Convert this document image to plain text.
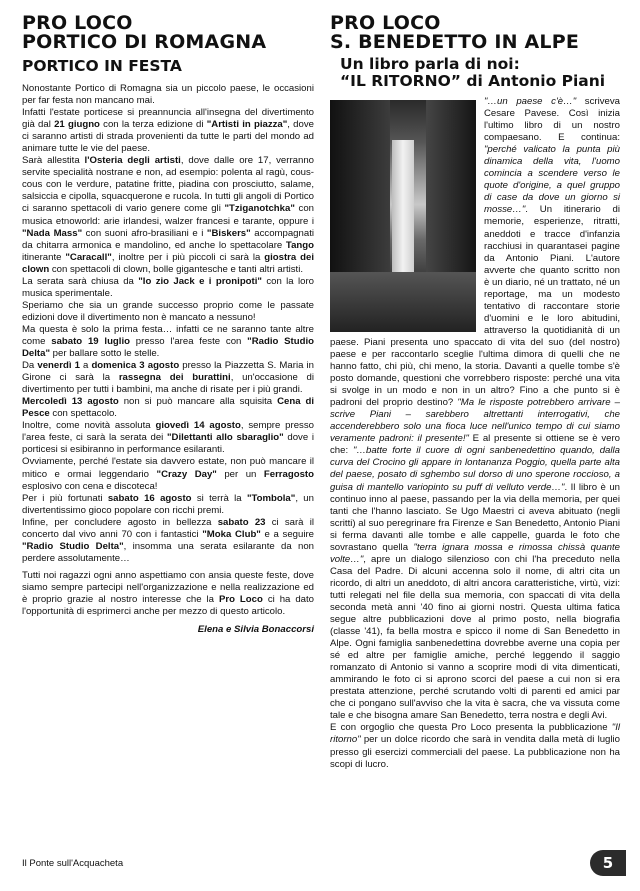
PRO LOCO
PORTICO DI ROMAGNA
PORTICO IN FESTA

Nonostante Portico di Romagna sia un piccolo paese, le occasioni per far festa non mancano mai.

Infatti l'estate porticese si preannuncia all'insegna del divertimento già dal 21 giugno con la terza edizione di "Artisti in piazza", dove ci saranno artisti di strada provenienti da tutte le parti del mondo ad animare tutte le vie del paese.

Sarà allestita l'Osteria degli artisti, dove dalle ore 17, verranno servite specialità nostrane e non, ad esempio: polenta al ragù, cous-cous con le verdure, patatine fritte, piadina con prosciutto, salame, salsiccia e cipolla, squacquerone e rucola. In tutti gli angoli di Portico ci saranno spettacoli di vario genere come gli "Tziganotchka" con musica etnoworld: arie irlandesi, walzer francesi e tarante, oppure i "Nada Mass" con suoni afro-brasiliani e i "Biskers" accompagnati da chitarra armonica e mandolino, ed anche lo spettacolare Tango itinerante "Caracall", inoltre per i più piccoli ci sarà la giostra dei clown con spettacoli di clown, bolle gigantesche e tanti altri artisti.

La serata sarà chiusa da "Io zio Jack e i pronipoti" con la loro musica sperimentale.

Speriamo che sia un grande successo proprio come le passate edizioni dove il divertimento non è mancato a nessuno!

Ma questa è solo la prima festa… infatti ce ne saranno tante altre come sabato 19 luglio presso l'area feste con "Radio Studio Delta" per ballare sotto le stelle.

Da venerdì 1 a domenica 3 agosto presso la Piazzetta S. Maria in Girone ci sarà la rassegna dei burattini, un'occasione di divertimento per tutti i bambini, ma anche di risate per i più grandi.

Mercoledì 13 agosto non si può mancare alla squisita Cena di Pesce con spettacolo.

Inoltre, come novità assoluta giovedì 14 agosto, sempre presso l'area feste, ci sarà la serata dei "Dilettanti allo sbaraglio" dove i porticesi si esibiranno in performance esilaranti.

Ovviamente, perché l'estate sia davvero estate, non può mancare il mitico e ormai leggendario "Crazy Day" per un Ferragosto esplosivo con cena e discoteca!

Per i più fortunati sabato 16 agosto si terrà la "Tombola", un divertentissimo gioco popolare con ricchi premi.

Infine, per concludere agosto in bellezza sabato 23 ci sarà il concerto dal vivo anni 70 con i fantastici "Moka Club" e a seguire "Radio Studio Delta", insomma una serata esilarante da non perdere assolutamente…

Tutti noi ragazzi ogni anno aspettiamo con ansia queste feste, dove siamo sempre partecipi nell'organizzazione e nella realizzazione ed è proprio grazie al nostro interesse che la Pro Loco ci ha dato l'opportunità di esprimerci anche per mezzo di questo articolo.

Elena e Silvia Bonaccorsi
PRO LOCO
S. BENEDETTO IN ALPE
Un libro parla di noi:
“IL RITORNO” di Antonio Piani

"…un paese c'è…" scriveva Cesare Pavese. Così inizia l'ultimo libro di un nostro compaesano. E continua: "perché valicato la punta più dinamica della vita, l'uomo comincia a scendere verso le quote d'origine, a quel gruppo di case da dove un giorno si mosse…". Un itinerario di memorie, esperienze, ritratti, aneddoti e tracce d'infanzia racchiusi in quarantasei pagine da Antonio Piani. L'autore avverte che quanto scritto non è un diario, né un trattato, né un reportage, ma un modesto tentativo di raccontare storie d'uomini e le loro abitudini, attraverso la quotidianità di un paese. Piani presenta uno spaccato di vita del suo (del nostro) paese e per raccontarlo sceglie l'ultima dimora di quelli che ne hanno fatto, chi più, chi meno, la storia. Davanti a quelle tombe s'è posto domande, questioni che vorrebbero risposte: perché una vita si svolge in un modo e non in un altro? Fino a che punto si è padroni del proprio destino? "Ma le risposte potrebbero arrivare – scrive Piani – sarebbero altrettanti interrogativi, che accenderebbero solo una fioca luce nell'unico tempo di cui siamo veramente padroni: il presente!" E al presente si ottiene se è vero che: "…batte forte il cuore di ogni sanbenedettino quando, dalla curva del Crocino gli appare in lontananza Poggio, quella parte alta del paese, posato di sghembo sul dorso di uno sperone roccioso, a guisa di mantello variopinto su puff di velluto verde…". Il libro è un continuo inno al paese, passando per la via della memoria, per quei tanti che l'hanno lasciato. Se Ugo Maestri ci aveva abituato (negli scritti) al suo peregrinare fra Firenze e San Benedetto, Antonio Piani si ferma davanti alle tombe e alle cappelle, guarda le foto che sovrastano quella "terra ignara mossa e rimossa chissà quante volte…", apre un dialogo silenzioso con chi l'ha preceduto nella Casa del Padre. Di alcuni accenna solo il nome, di altri cita un ricordo, di altri un aneddoto, di altri ancora caratteristiche, virtù, vizi: tutti relegati nel file della sua memoria, con spaccati di vita della seconda metà anni '40 fino ai giorni nostri. Questa ultima fatica segue altre pubblicazioni dove al primo posto, nella biografia (classe '41), fa bella mostra e spicco il nome di San Benedetto in Alpe. Ogni famiglia sanbenedettina dovrebbe averne una copia per sé ed altre per famiglie amiche, perché leggendo il saggio romanzato di Antonio si vanno a scoprire modi di vita dimenticati, ammirando le foto ci si aprono scorci del paese a cui non si era prestata attenzione, perché scrutando volti di parenti ed amici par che ci pongano sull'avviso che la vita è sacra, che va vissuta come tale e che bisogna amare San Benedetto, terra nostra e degli Avi.

E con orgoglio che questa Pro Loco presenta la pubblicazione "Il ritorno" per un dolce ricordo che sarà in vendita dalla metà di luglio presso gli esercizi commerciali del paese. La pubblicazione non ha scopi di lucro.

Il Ponte sull'Acquacheta	5
